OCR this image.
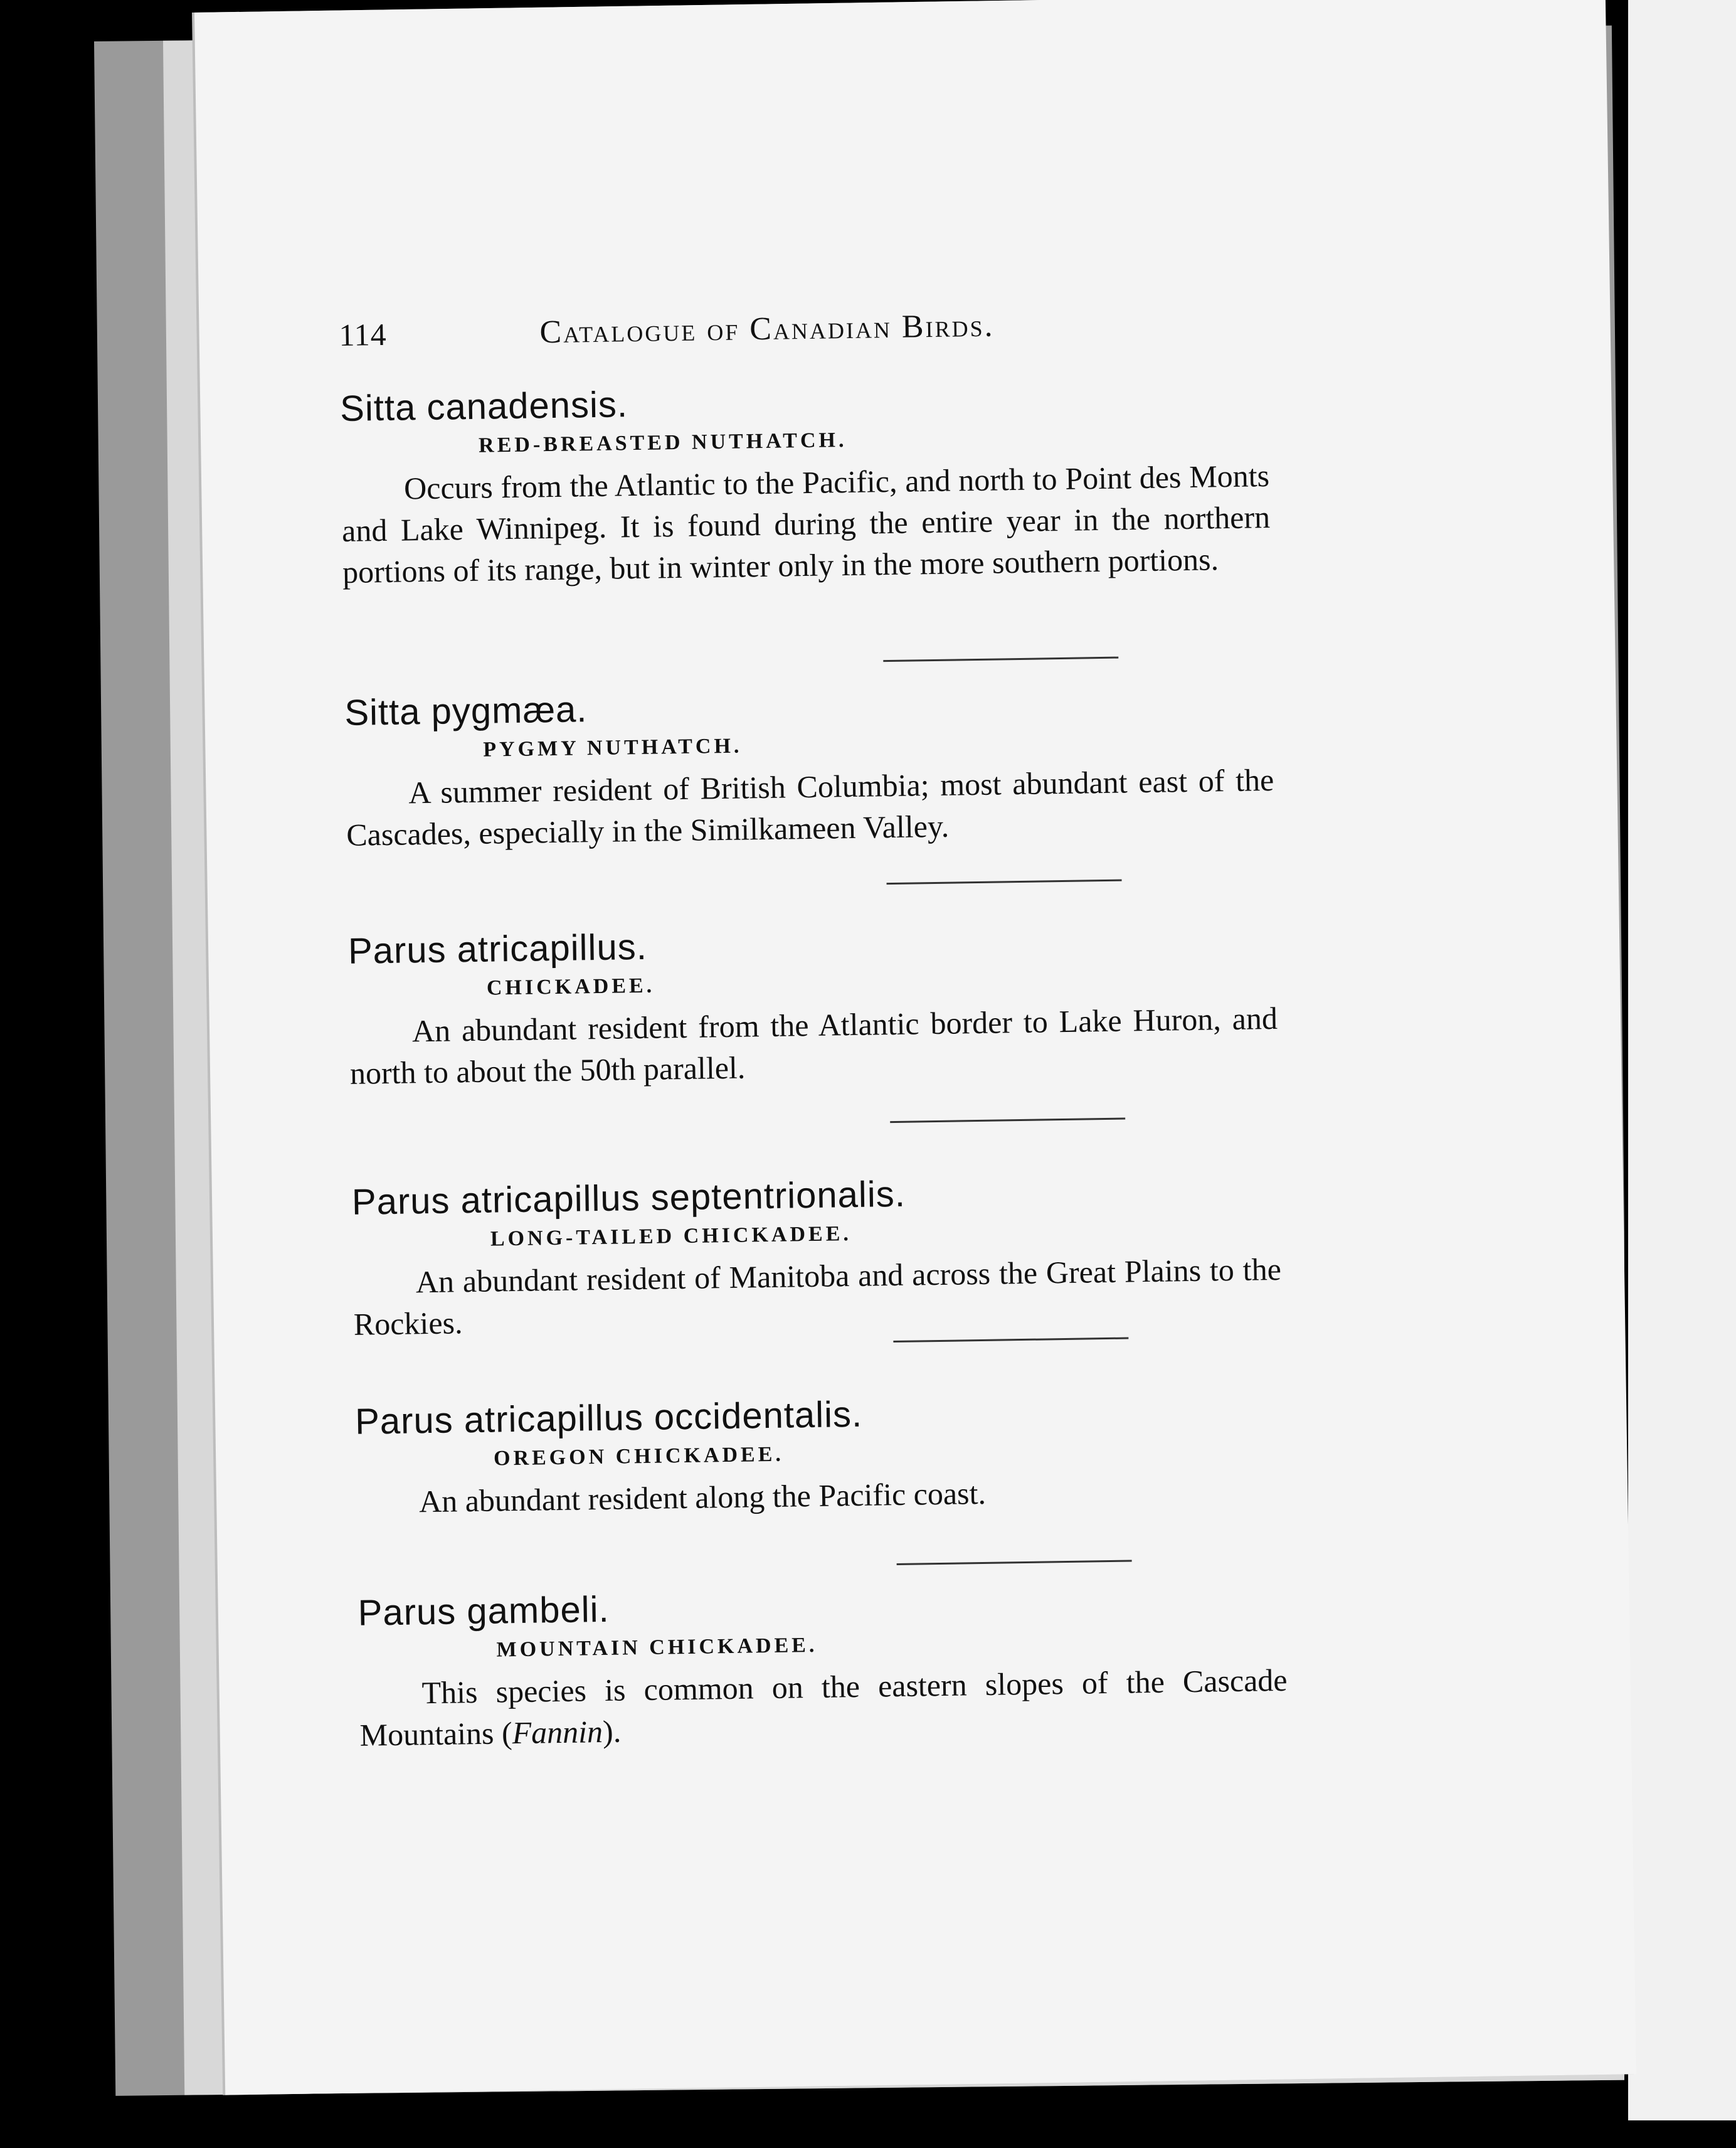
114	Catalogue of Canadian Birds.

Sitta canadensis.

RED-BREASTED NUTHATCH.

Occurs from the Atlantic to the Pacific, and north to Point des Monts and Lake Winnipeg. It is found during the entire year in the northern portions of its range, but in winter only in the more southern portions.

Sitta pygmæa.

PYGMY NUTHATCH.

A summer resident of British Columbia; most abundant east of the Cascades, especially in the Similkameen Valley.

Parus atricapillus.

CHICKADEE.

An abundant resident from the Atlantic border to Lake Huron, and north to about the 50th parallel.

Parus atricapillus septentrionalis.

LONG-TAILED CHICKADEE.

An abundant resident of Manitoba and across the Great Plains to the Rockies.

Parus atricapillus occidentalis.

OREGON CHICKADEE.

An abundant resident along the Pacific coast.

Parus gambeli.

MOUNTAIN CHICKADEE.

This species is common on the eastern slopes of the Cascade Mountains (Fannin).
